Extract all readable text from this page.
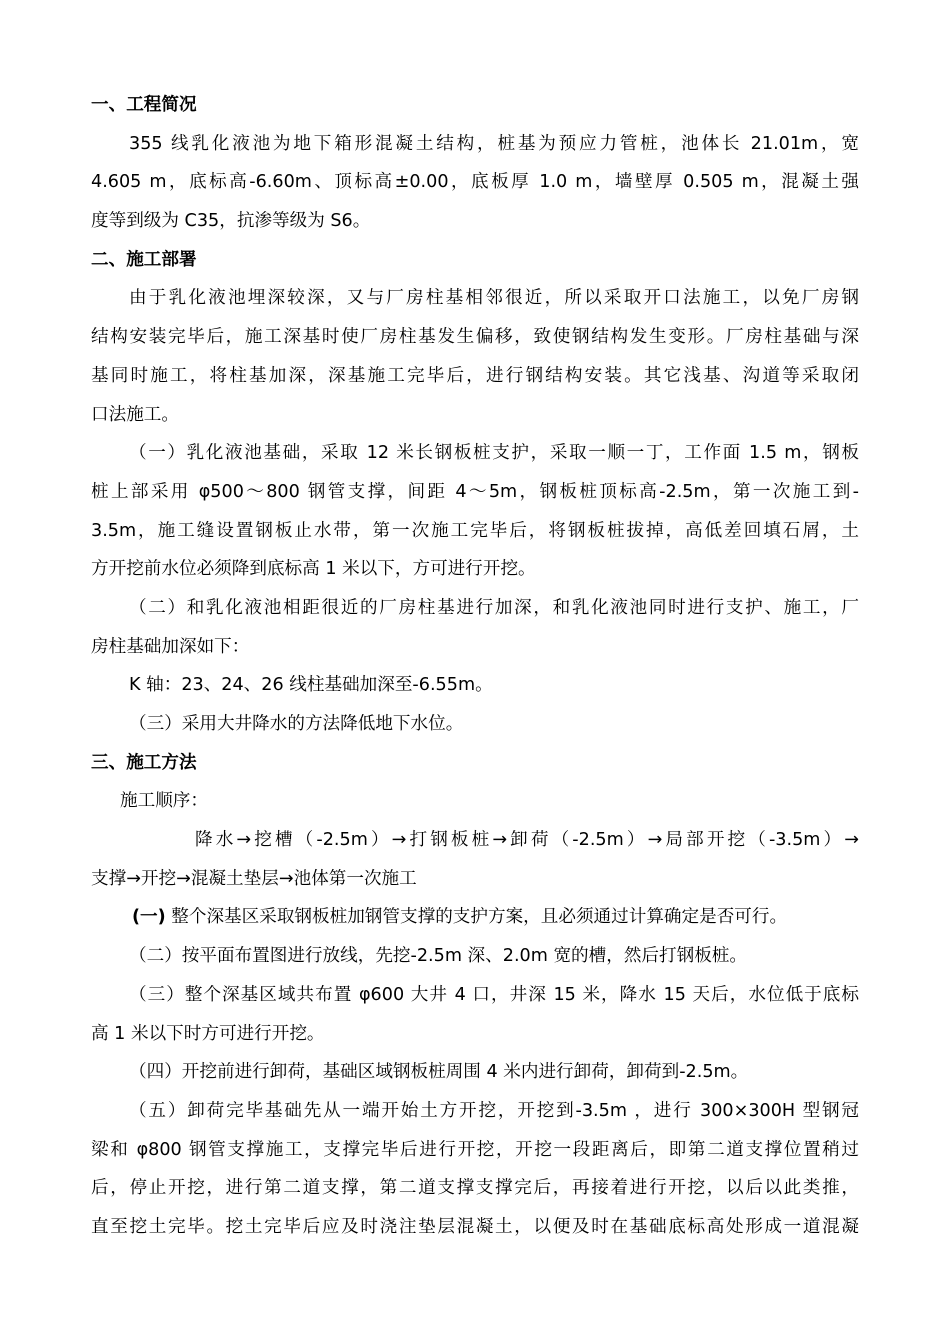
一、工程简况
355 线乳化液池为地下箱形混凝土结构，桩基为预应力管桩，池体长 21.01m，宽
4.605 m，底标高-6.60m、顶标高±0.00，底板厚 1.0 m，墙壁厚 0.505 m，混凝土强
度等到级为 C35，抗渗等级为 S6。
二、施工部署
由于乳化液池埋深较深，又与厂房柱基相邻很近，所以采取开口法施工，以免厂房钢
结构安装完毕后，施工深基时使厂房柱基发生偏移，致使钢结构发生变形。厂房柱基础与深
基同时施工，将柱基加深，深基施工完毕后，进行钢结构安装。其它浅基、沟道等采取闭
口法施工。
（一）乳化液池基础，采取 12 米长钢板桩支护，采取一顺一丁，工作面 1.5 m，钢板
桩上部采用 φ500～800 钢管支撑，间距 4～5m，钢板桩顶标高-2.5m，第一次施工到-
3.5m，施工缝设置钢板止水带，第一次施工完毕后，将钢板桩拔掉，高低差回填石屑，土
方开挖前水位必须降到底标高 1 米以下，方可进行开挖。
（二）和乳化液池相距很近的厂房柱基进行加深，和乳化液池同时进行支护、施工，厂
房柱基础加深如下：
K 轴：23、24、26 线柱基础加深至-6.55m。
（三）采用大井降水的方法降低地下水位。
三、施工方法
施工顺序：
降水→挖槽（-2.5m）→打钢板桩→卸荷（-2.5m）→局部开挖（-3.5m）→
支撑→开挖→混凝土垫层→池体第一次施工
(一) 整个深基区采取钢板桩加钢管支撑的支护方案，且必须通过计算确定是否可行。
（二）按平面布置图进行放线，先挖-2.5m 深、2.0m 宽的槽，然后打钢板桩。
（三）整个深基区域共布置 φ600 大井 4 口，井深 15 米，降水 15 天后，水位低于底标
高 1 米以下时方可进行开挖。
（四）开挖前进行卸荷，基础区域钢板桩周围 4 米内进行卸荷，卸荷到-2.5m。
（五）卸荷完毕基础先从一端开始土方开挖，开挖到-3.5m ，进行 300×300H 型钢冠
梁和 φ800 钢管支撑施工，支撑完毕后进行开挖，开挖一段距离后，即第二道支撑位置稍过
后，停止开挖，进行第二道支撑，第二道支撑支撑完后，再接着进行开挖，以后以此类推，
直至挖土完毕。挖土完毕后应及时浇注垫层混凝土，以便及时在基础底标高处形成一道混凝
